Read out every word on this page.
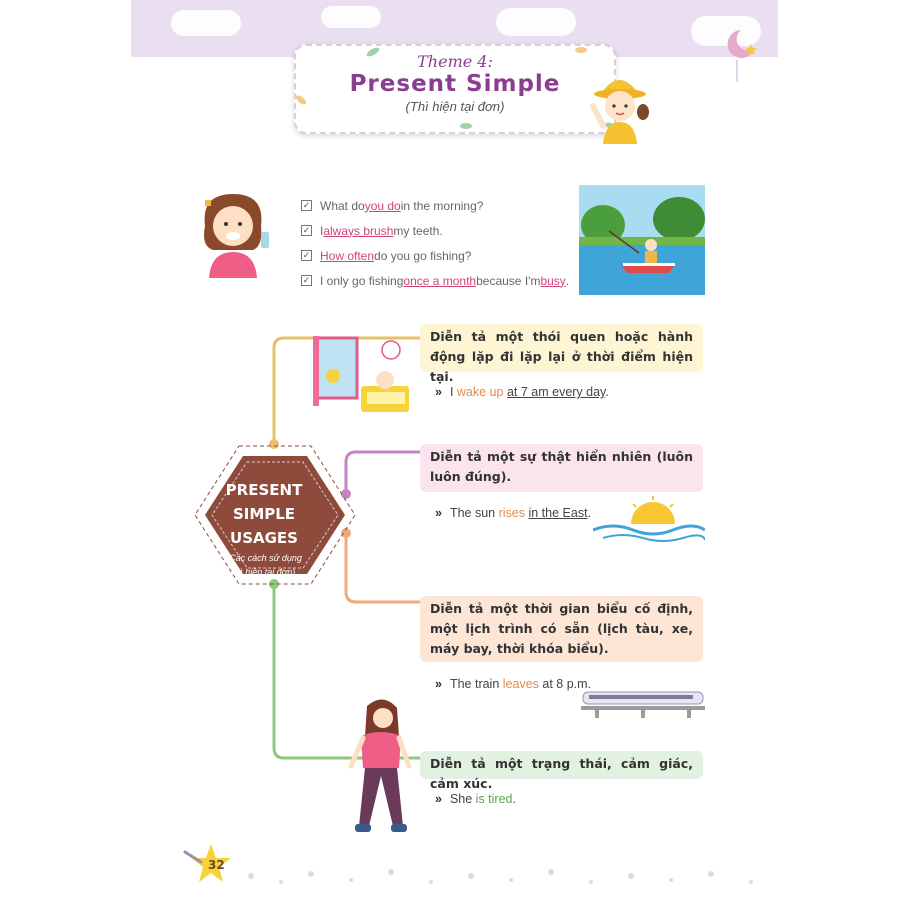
Theme 4:
Present Simple
(Thì hiện tại đơn)
✓ What do you do in the morning?
✓ I always brush my teeth.
✓ How often do you go fishing?
✓ I only go fishing once a month because I'm busy .
PRESENT
SIMPLE USAGES
(Các cách sử dụng
thì hiện tại đơn)
Diễn tả một thói quen hoặc hành động lặp đi lặp lại ở thời điểm hiện tại.
» I wake up at 7 am every day.
Diễn tả một sự thật hiển nhiên (luôn luôn đúng).
» The sun rises in the East.
Diễn tả một thời gian biểu cố định, một lịch trình có sẵn (lịch tàu, xe, máy bay, thời khóa biểu).
» The train leaves at 8 p.m.
Diễn tả một trạng thái, cảm giác, cảm xúc.
» She is tired.
32
